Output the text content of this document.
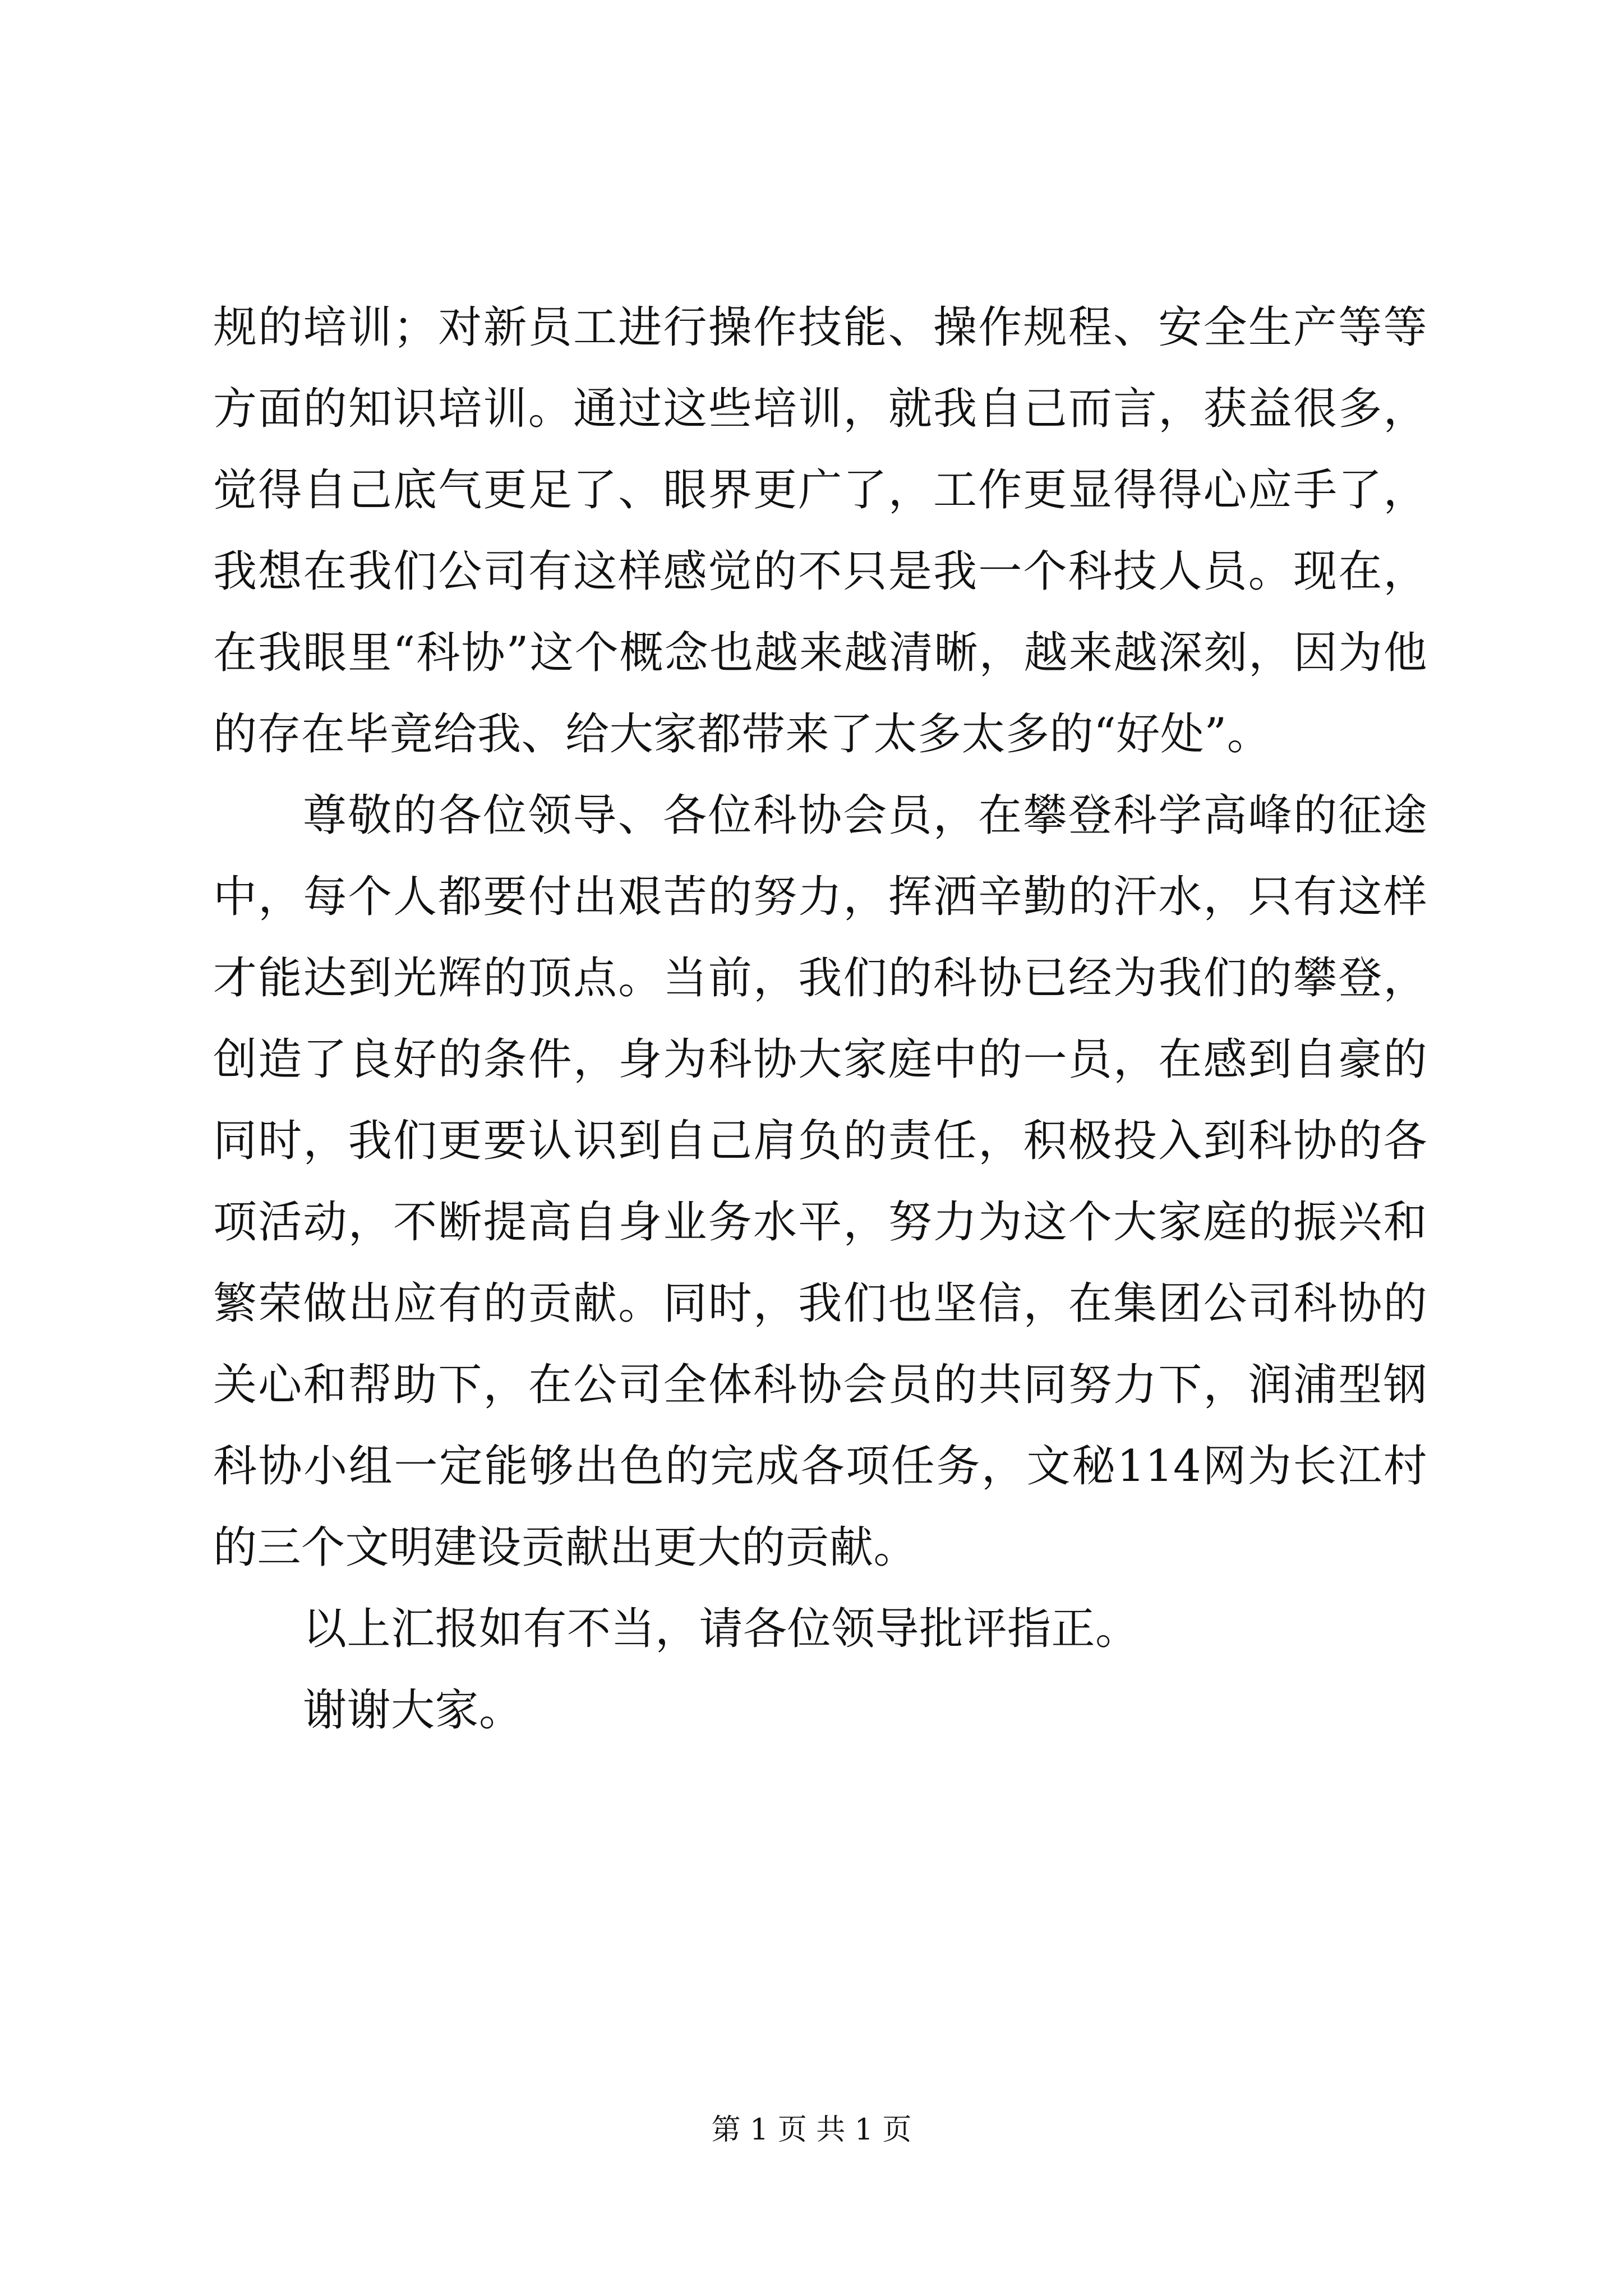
规的培训；对新员工进行操作技能、操作规程、安全生产等等方面的知识培训。通过这些培训，就我自己而言，获益很多，觉得自己底气更足了、眼界更广了，工作更显得得心应手了，我想在我们公司有这样感觉的不只是我一个科技人员。现在，在我眼里“科协”这个概念也越来越清晰，越来越深刻，因为他的存在毕竟给我、给大家都带来了太多太多的“好处”。

尊敬的各位领导、各位科协会员，在攀登科学高峰的征途中，每个人都要付出艰苦的努力，挥洒辛勤的汗水，只有这样才能达到光辉的顶点。当前，我们的科协已经为我们的攀登，创造了良好的条件，身为科协大家庭中的一员，在感到自豪的同时，我们更要认识到自己肩负的责任，积极投入到科协的各项活动，不断提高自身业务水平，努力为这个大家庭的振兴和繁荣做出应有的贡献。同时，我们也坚信，在集团公司科协的关心和帮助下，在公司全体科协会员的共同努力下，润浦型钢科协小组一定能够出色的完成各项任务，文秘114网为长江村的三个文明建设贡献出更大的贡献。

以上汇报如有不当，请各位领导批评指正。

谢谢大家。

第 1 页 共 1 页
